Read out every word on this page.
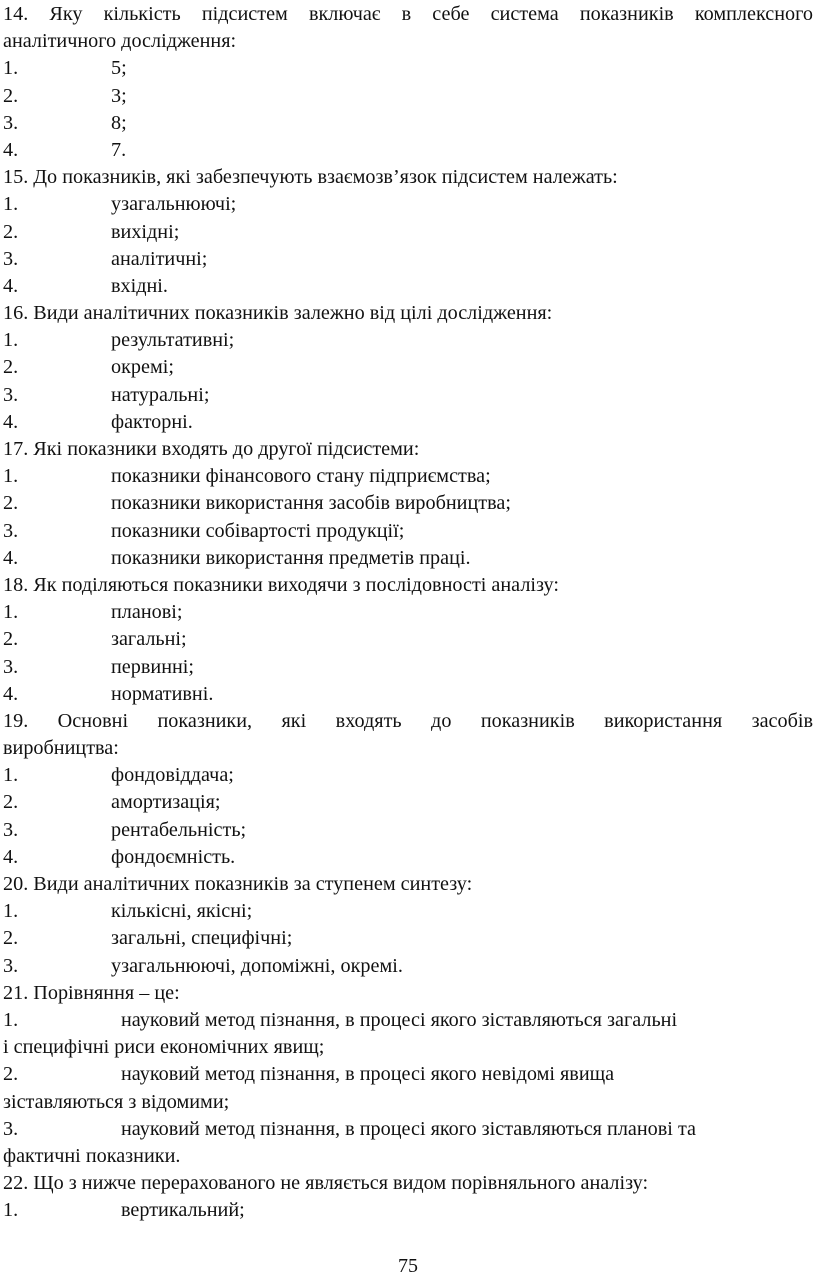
14. Яку кількість підсистем включає в себе система показників комплексного
аналітичного дослідження:
1.	5;
2.	3;
3.	8;
4.	7.
15. До показників, які забезпечують взаємозв’язок підсистем належать:
1.	узагальнюючі;
2.	вихідні;
3.	аналітичні;
4.	вхідні.
16. Види аналітичних показників залежно від цілі дослідження:
1.	результативні;
2.	окремі;
3.	натуральні;
4.	факторні.
17. Які показники входять до другої підсистеми:
1.	показники фінансового стану підприємства;
2.	показники використання засобів виробництва;
3.	показники собівартості продукції;
4.	показники використання предметів праці.
18. Як поділяються показники виходячи з послідовності аналізу:
1.	планові;
2.	загальні;
3.	первинні;
4.	нормативні.
19. Основні показники, які входять до показників використання засобів
виробництва:
1.	фондовіддача;
2.	амортизація;
3.	рентабельність;
4.	фондоємність.
20. Види аналітичних показників за ступенем синтезу:
1.	кількісні, якісні;
2.	загальні, специфічні;
3.	узагальнюючі, допоміжні, окремі.
21. Порівняння – це:
1.	науковий метод пізнання, в процесі якого зіставляються загальні
і специфічні риси економічних явищ;
2.	науковий метод пізнання, в процесі якого невідомі явища
зіставляються з відомими;
3.	науковий метод пізнання, в процесі якого зіставляються планові та
фактичні показники.
22. Що з нижче перерахованого не являється видом порівняльного аналізу:
1.	вертикальний;
75
